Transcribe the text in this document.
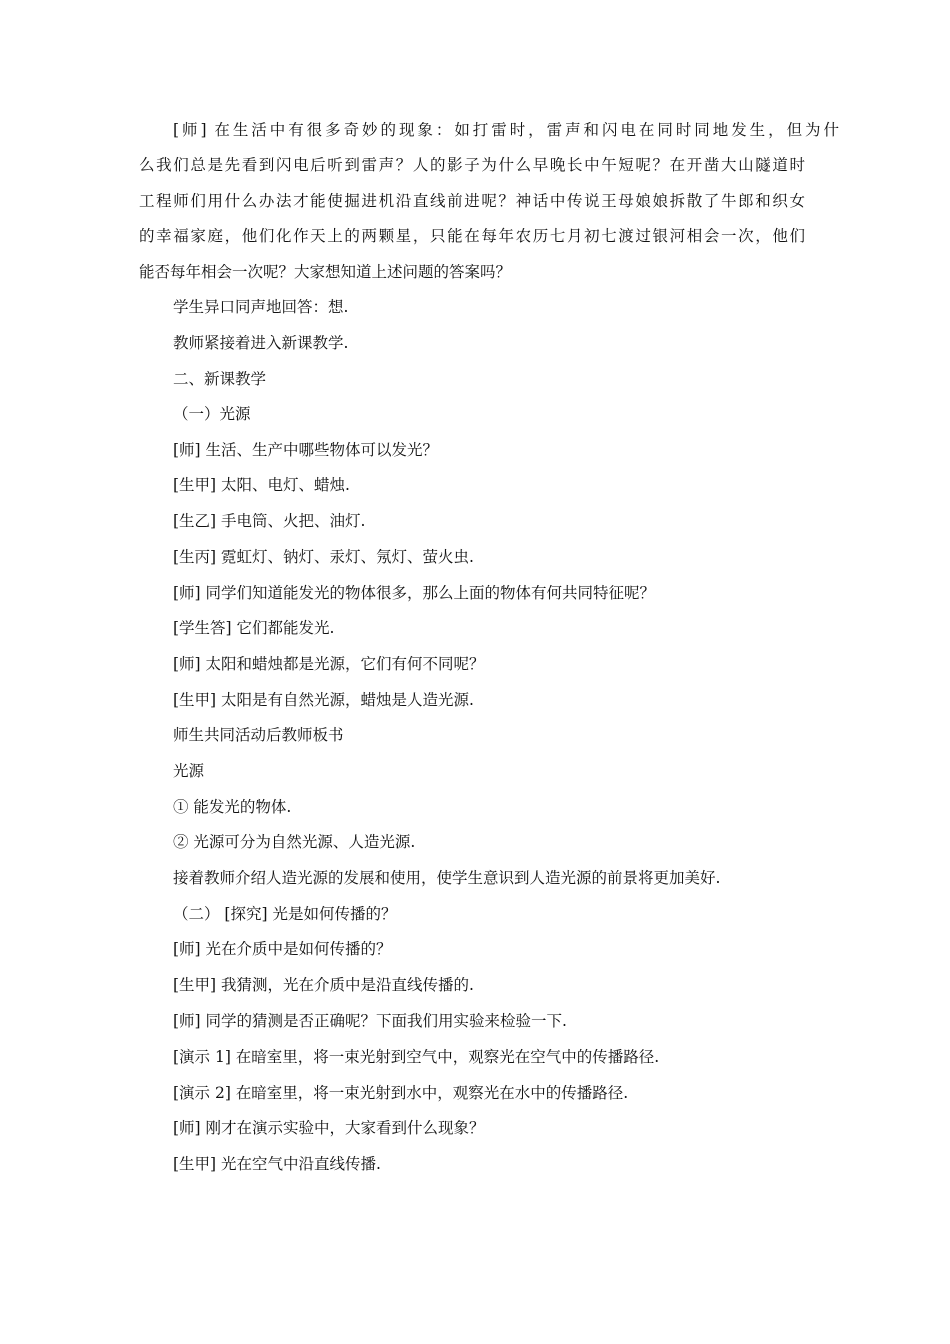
[师] 在生活中有很多奇妙的现象：如打雷时，雷声和闪电在同时同地发生，但为什
么我们总是先看到闪电后听到雷声？人的影子为什么早晚长中午短呢？在开凿大山隧道时
工程师们用什么办法才能使掘进机沿直线前进呢？神话中传说王母娘娘拆散了牛郎和织女
的幸福家庭，他们化作天上的两颗星，只能在每年农历七月初七渡过银河相会一次，他们
能否每年相会一次呢？大家想知道上述问题的答案吗？
学生异口同声地回答：想.
教师紧接着进入新课教学.
二、新课教学
（一）光源
[师] 生活、生产中哪些物体可以发光？
[生甲] 太阳、电灯、蜡烛.
[生乙] 手电筒、火把、油灯.
[生丙] 霓虹灯、钠灯、汞灯、氖灯、萤火虫.
[师] 同学们知道能发光的物体很多，那么上面的物体有何共同特征呢？
[学生答] 它们都能发光.
[师] 太阳和蜡烛都是光源，它们有何不同呢？
[生甲] 太阳是有自然光源，蜡烛是人造光源.
师生共同活动后教师板书
光源
① 能发光的物体.
② 光源可分为自然光源、人造光源.
接着教师介绍人造光源的发展和使用，使学生意识到人造光源的前景将更加美好.
（二） [探究] 光是如何传播的？
[师] 光在介质中是如何传播的？
[生甲] 我猜测，光在介质中是沿直线传播的.
[师] 同学的猜测是否正确呢？下面我们用实验来检验一下.
[演示 1] 在暗室里，将一束光射到空气中，观察光在空气中的传播路径.
[演示 2] 在暗室里，将一束光射到水中，观察光在水中的传播路径.
[师] 刚才在演示实验中，大家看到什么现象？
[生甲] 光在空气中沿直线传播.
